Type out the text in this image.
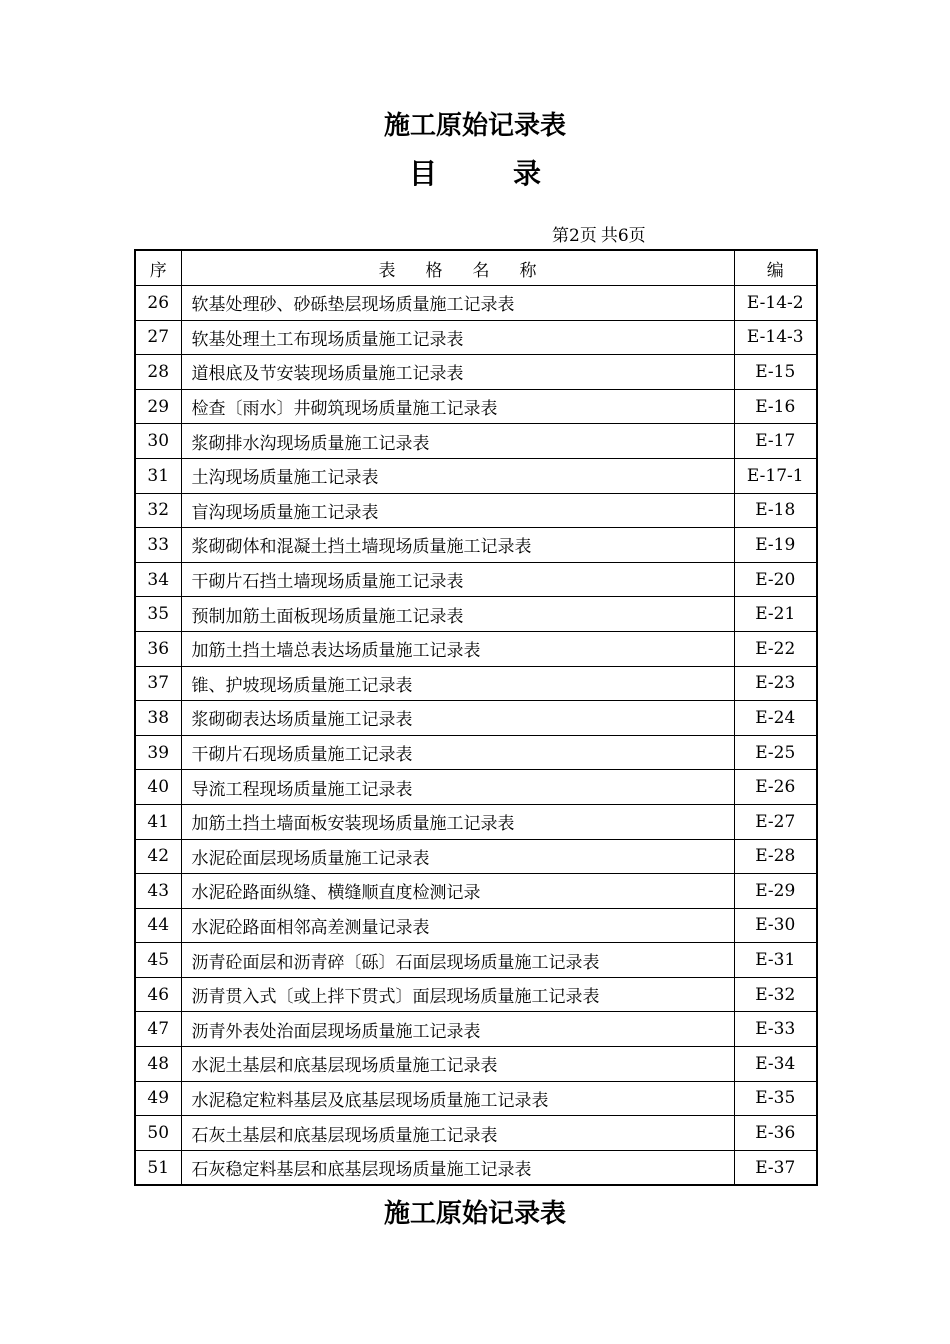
施工原始记录表
目	录
第2页 共6页
序	表格名称	编
26	软基处理砂、砂砾垫层现场质量施工记录表	E-14-2
27	软基处理土工布现场质量施工记录表	E-14-3
28	道根底及节安装现场质量施工记录表	E-15
29	检查〔雨水〕井砌筑现场质量施工记录表	E-16
30	浆砌排水沟现场质量施工记录表	E-17
31	土沟现场质量施工记录表	E-17-1
32	盲沟现场质量施工记录表	E-18
33	浆砌砌体和混凝土挡土墙现场质量施工记录表	E-19
34	干砌片石挡土墙现场质量施工记录表	E-20
35	预制加筋土面板现场质量施工记录表	E-21
36	加筋土挡土墙总表达场质量施工记录表	E-22
37	锥、护坡现场质量施工记录表	E-23
38	浆砌砌表达场质量施工记录表	E-24
39	干砌片石现场质量施工记录表	E-25
40	导流工程现场质量施工记录表	E-26
41	加筋土挡土墙面板安装现场质量施工记录表	E-27
42	水泥砼面层现场质量施工记录表	E-28
43	水泥砼路面纵缝、横缝顺直度检测记录	E-29
44	水泥砼路面相邻高差测量记录表	E-30
45	沥青砼面层和沥青碎〔砾〕石面层现场质量施工记录表	E-31
46	沥青贯入式〔或上拌下贯式〕面层现场质量施工记录表	E-32
47	沥青外表处治面层现场质量施工记录表	E-33
48	水泥土基层和底基层现场质量施工记录表	E-34
49	水泥稳定粒料基层及底基层现场质量施工记录表	E-35
50	石灰土基层和底基层现场质量施工记录表	E-36
51	石灰稳定料基层和底基层现场质量施工记录表	E-37
施工原始记录表
